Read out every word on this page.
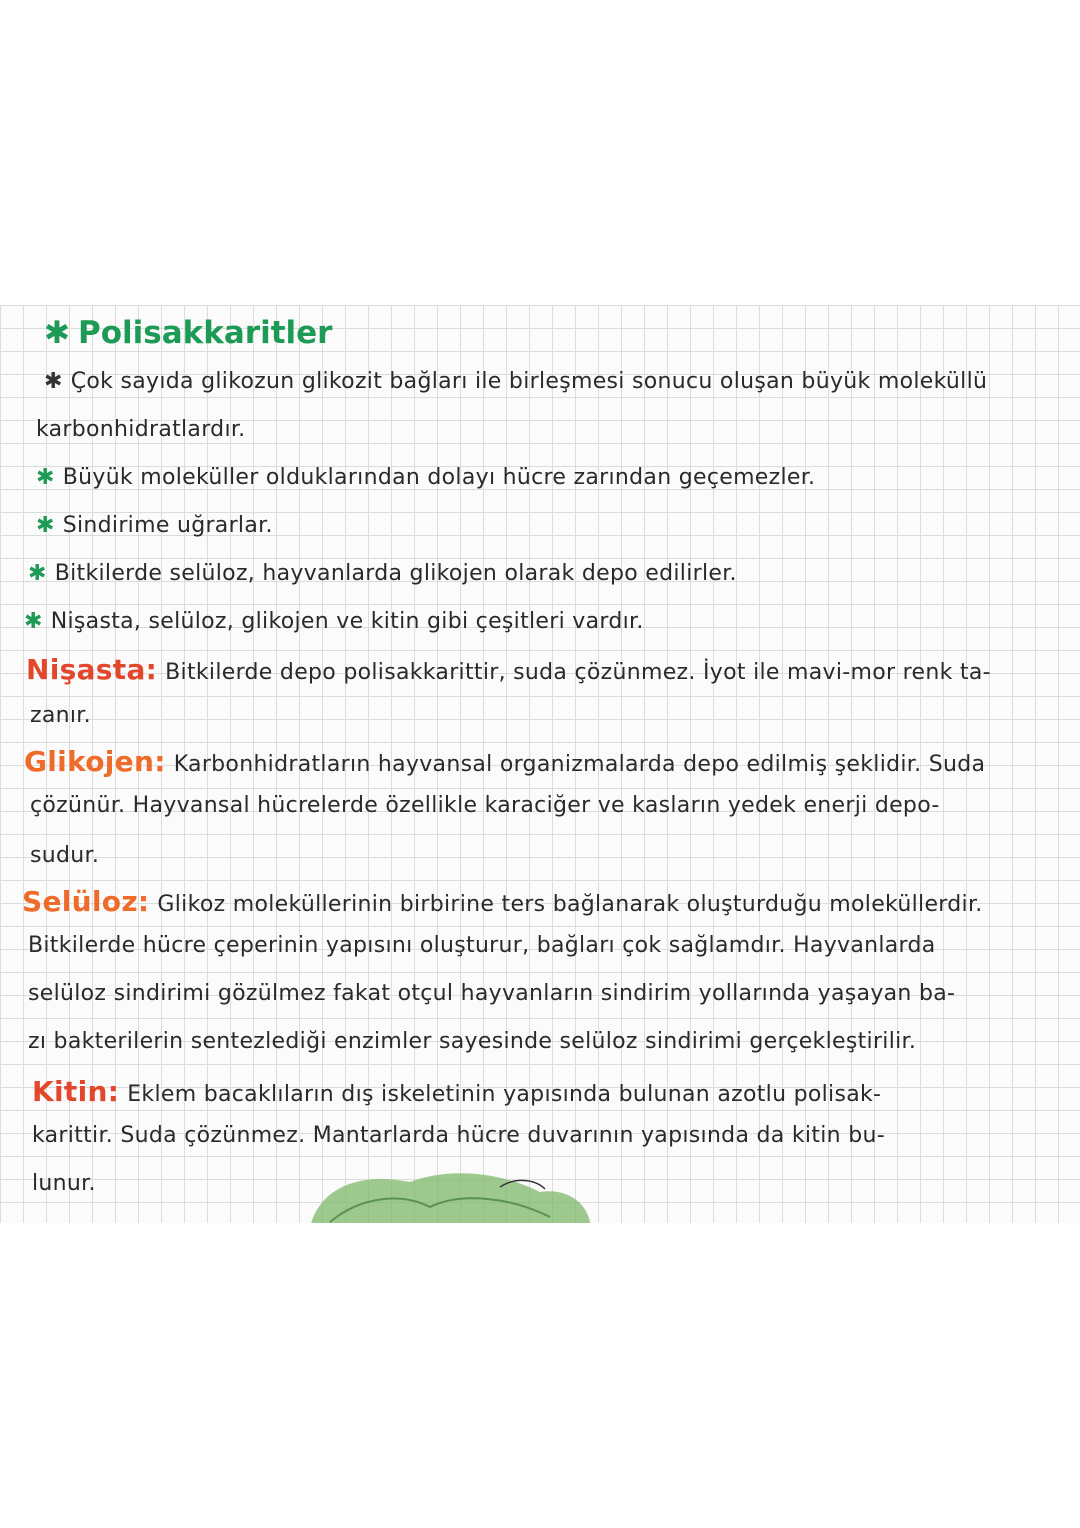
✱ Polisakkaritler
✱ Çok sayıda glikozun glikozit bağları ile birleşmesi sonucu oluşan büyük moleküllü
karbonhidratlardır.
✱ Büyük moleküller olduklarından dolayı hücre zarından geçemezler.
✱ Sindirime uğrarlar.
✱ Bitkilerde selüloz, hayvanlarda glikojen olarak depo edilirler.
✱ Nişasta, selüloz, glikojen ve kitin gibi çeşitleri vardır.
Nişasta: Bitkilerde depo polisakkarittir, suda çözünmez. İyot ile mavi-mor renk ta-
zanır.
Glikojen: Karbonhidratların hayvansal organizmalarda depo edilmiş şeklidir. Suda
çözünür. Hayvansal hücrelerde özellikle karaciğer ve kasların yedek enerji depo-
sudur.
Selüloz: Glikoz moleküllerinin birbirine ters bağlanarak oluşturduğu moleküllerdir.
Bitkilerde hücre çeperinin yapısını oluşturur, bağları çok sağlamdır. Hayvanlarda
selüloz sindirimi gözülmez fakat otçul hayvanların sindirim yollarında yaşayan ba-
zı bakterilerin sentezlediği enzimler sayesinde selüloz sindirimi gerçekleştirilir.
Kitin: Eklem bacaklıların dış iskeletinin yapısında bulunan azotlu polisak-
karittir. Suda çözünmez. Mantarlarda hücre duvarının yapısında da kitin bu-
lunur.
